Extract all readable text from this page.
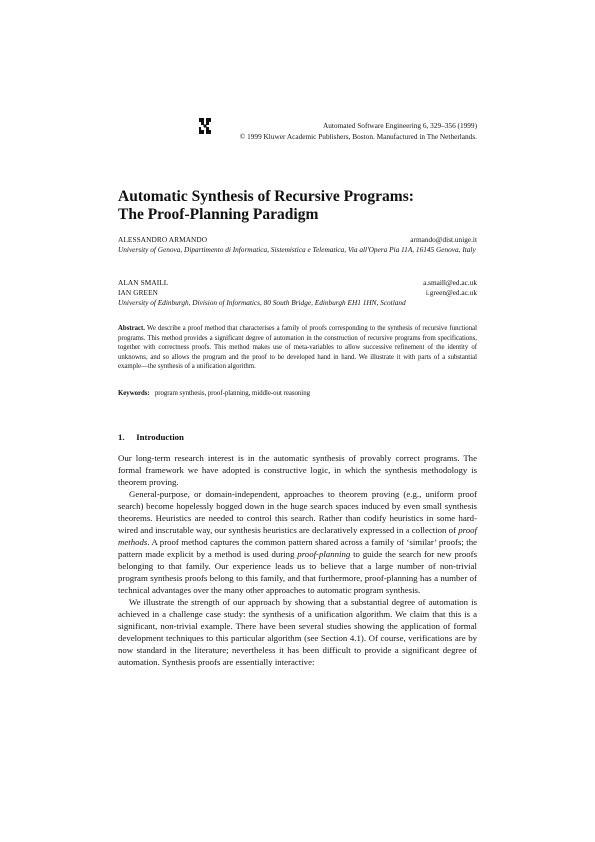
Automated Software Engineering 6, 329–356 (1999)
© 1999 Kluwer Academic Publishers, Boston. Manufactured in The Netherlands.
Automatic Synthesis of Recursive Programs:
The Proof-Planning Paradigm
ALESSANDRO ARMANDO	armando@dist.unige.it
University of Genova, Dipartimento di Informatica, Sistemistica e Telematica, Via all'Opera Pia 11A, 16145 Genova, Italy
ALAN SMAILL	a.smaill@ed.ac.uk
IAN GREEN	i.green@ed.ac.uk
University of Edinburgh, Division of Informatics, 80 South Bridge, Edinburgh EH1 1HN, Scotland
Abstract. We describe a proof method that characterises a family of proofs corresponding to the synthesis of recursive functional programs. This method provides a significant degree of automation in the construction of recursive programs from specifications, together with correctness proofs. This method makes use of meta-variables to allow successive refinement of the identity of unknowns, and so allows the program and the proof to be developed hand in hand. We illustrate it with parts of a substantial example—the synthesis of a unification algorithm.
Keywords: program synthesis, proof-planning, middle-out reasoning
1. Introduction

Our long-term research interest is in the automatic synthesis of provably correct programs. The formal framework we have adopted is constructive logic, in which the synthesis methodology is theorem proving.

General-purpose, or domain-independent, approaches to theorem proving (e.g., uniform proof search) become hopelessly bogged down in the huge search spaces induced by even small synthesis theorems. Heuristics are needed to control this search. Rather than codify heuristics in some hard-wired and inscrutable way, our synthesis heuristics are declaratively expressed in a collection of proof methods. A proof method captures the common pattern shared across a family of ‘similar’ proofs; the pattern made explicit by a method is used during proof-planning to guide the search for new proofs belonging to that family. Our experience leads us to believe that a large number of non-trivial program synthesis proofs belong to this family, and that furthermore, proof-planning has a number of technical advantages over the many other approaches to automatic program synthesis.

We illustrate the strength of our approach by showing that a substantial degree of automation is achieved in a challenge case study: the synthesis of a unification algorithm. We claim that this is a significant, non-trivial example. There have been several studies showing the application of formal development techniques to this particular algorithm (see Section 4.1). Of course, verifications are by now standard in the literature; nevertheless it has been difficult to provide a significant degree of automation. Synthesis proofs are essentially interactive:
